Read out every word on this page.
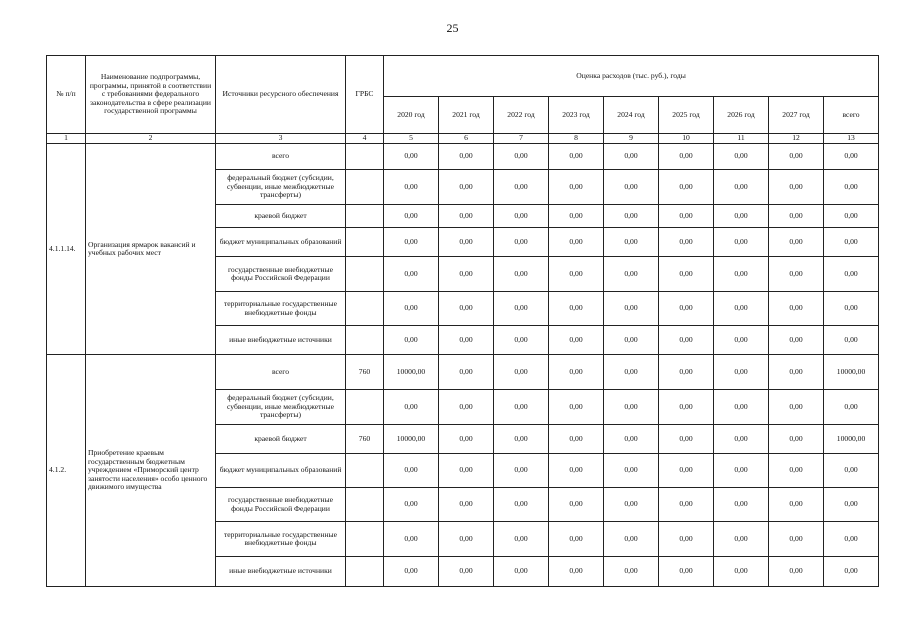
25
№ п/п	Наименование подпрограммы, программы, принятой в соответствии с требованиями федерального законодательства в сфере реализации государственной программы	Источники ресурсного обеспечения	ГРБС	Оценка расходов (тыс. руб.), годы								
				2020 год	2021 год	2022 год	2023 год	2024 год	2025 год	2026 год	2027 год	всего
1	2	3	4	5	6	7	8	9	10	11	12	13
4.1.1.14.	Организация ярмарок вакансий и учебных рабочих мест	всего		0,00	0,00	0,00	0,00	0,00	0,00	0,00	0,00	0,00
		федеральный бюджет (субсидии, субвенции, иные межбюджетные трансферты)		0,00	0,00	0,00	0,00	0,00	0,00	0,00	0,00	0,00
		краевой бюджет		0,00	0,00	0,00	0,00	0,00	0,00	0,00	0,00	0,00
		бюджет муниципальных образований		0,00	0,00	0,00	0,00	0,00	0,00	0,00	0,00	0,00
		государственные внебюджетные фонды Российской Федерации		0,00	0,00	0,00	0,00	0,00	0,00	0,00	0,00	0,00
		территориальные государственные внебюджетные фонды		0,00	0,00	0,00	0,00	0,00	0,00	0,00	0,00	0,00
		иные внебюджетные источники		0,00	0,00	0,00	0,00	0,00	0,00	0,00	0,00	0,00
4.1.2.	Приобретение краевым государственным бюджетным учреждением «Приморский центр занятости населения» особо ценного движимого имущества	всего	760	10000,00	0,00	0,00	0,00	0,00	0,00	0,00	0,00	10000,00
		федеральный бюджет (субсидии, субвенции, иные межбюджетные трансферты)		0,00	0,00	0,00	0,00	0,00	0,00	0,00	0,00	0,00
		краевой бюджет	760	10000,00	0,00	0,00	0,00	0,00	0,00	0,00	0,00	10000,00
		бюджет муниципальных образований		0,00	0,00	0,00	0,00	0,00	0,00	0,00	0,00	0,00
		государственные внебюджетные фонды Российской Федерации		0,00	0,00	0,00	0,00	0,00	0,00	0,00	0,00	0,00
		территориальные государственные внебюджетные фонды		0,00	0,00	0,00	0,00	0,00	0,00	0,00	0,00	0,00
		иные внебюджетные источники		0,00	0,00	0,00	0,00	0,00	0,00	0,00	0,00	0,00
